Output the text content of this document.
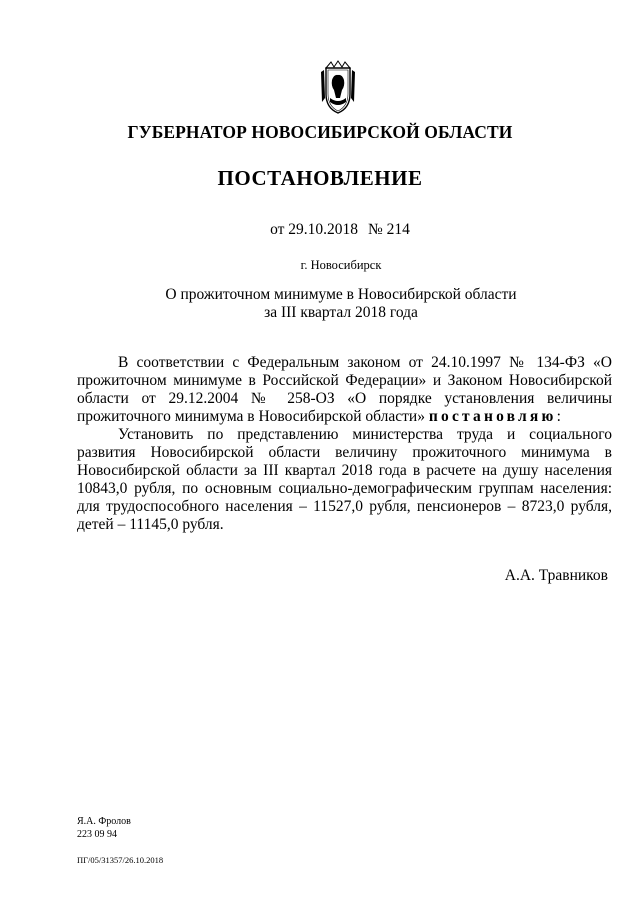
ГУБЕРНАТОР НОВОСИБИРСКОЙ ОБЛАСТИ
ПОСТАНОВЛЕНИЕ
от 29.10.2018 № 214
г. Новосибирск
О прожиточном минимуме в Новосибирской области
за III квартал 2018 года

В соответствии с Федеральным законом от 24.10.1997 № 134-ФЗ «О прожиточном минимуме в Российской Федерации» и Законом Новосибирской области от 29.12.2004 № 258-ОЗ «О порядке установления величины прожиточного минимума в Новосибирской области» постановляю:

Установить по представлению министерства труда и социального развития Новосибирской области величину прожиточного минимума в Новосибирской области за III квартал 2018 года в расчете на душу населения 10843,0 рубля, по основным социально-демографическим группам населения: для трудоспособного населения – 11527,0 рубля, пенсионеров – 8723,0 рубля, детей – 11145,0 рубля.

А.А. Травников
Я.А. Фролов
223 09 94
ПГ/05/31357/26.10.2018
